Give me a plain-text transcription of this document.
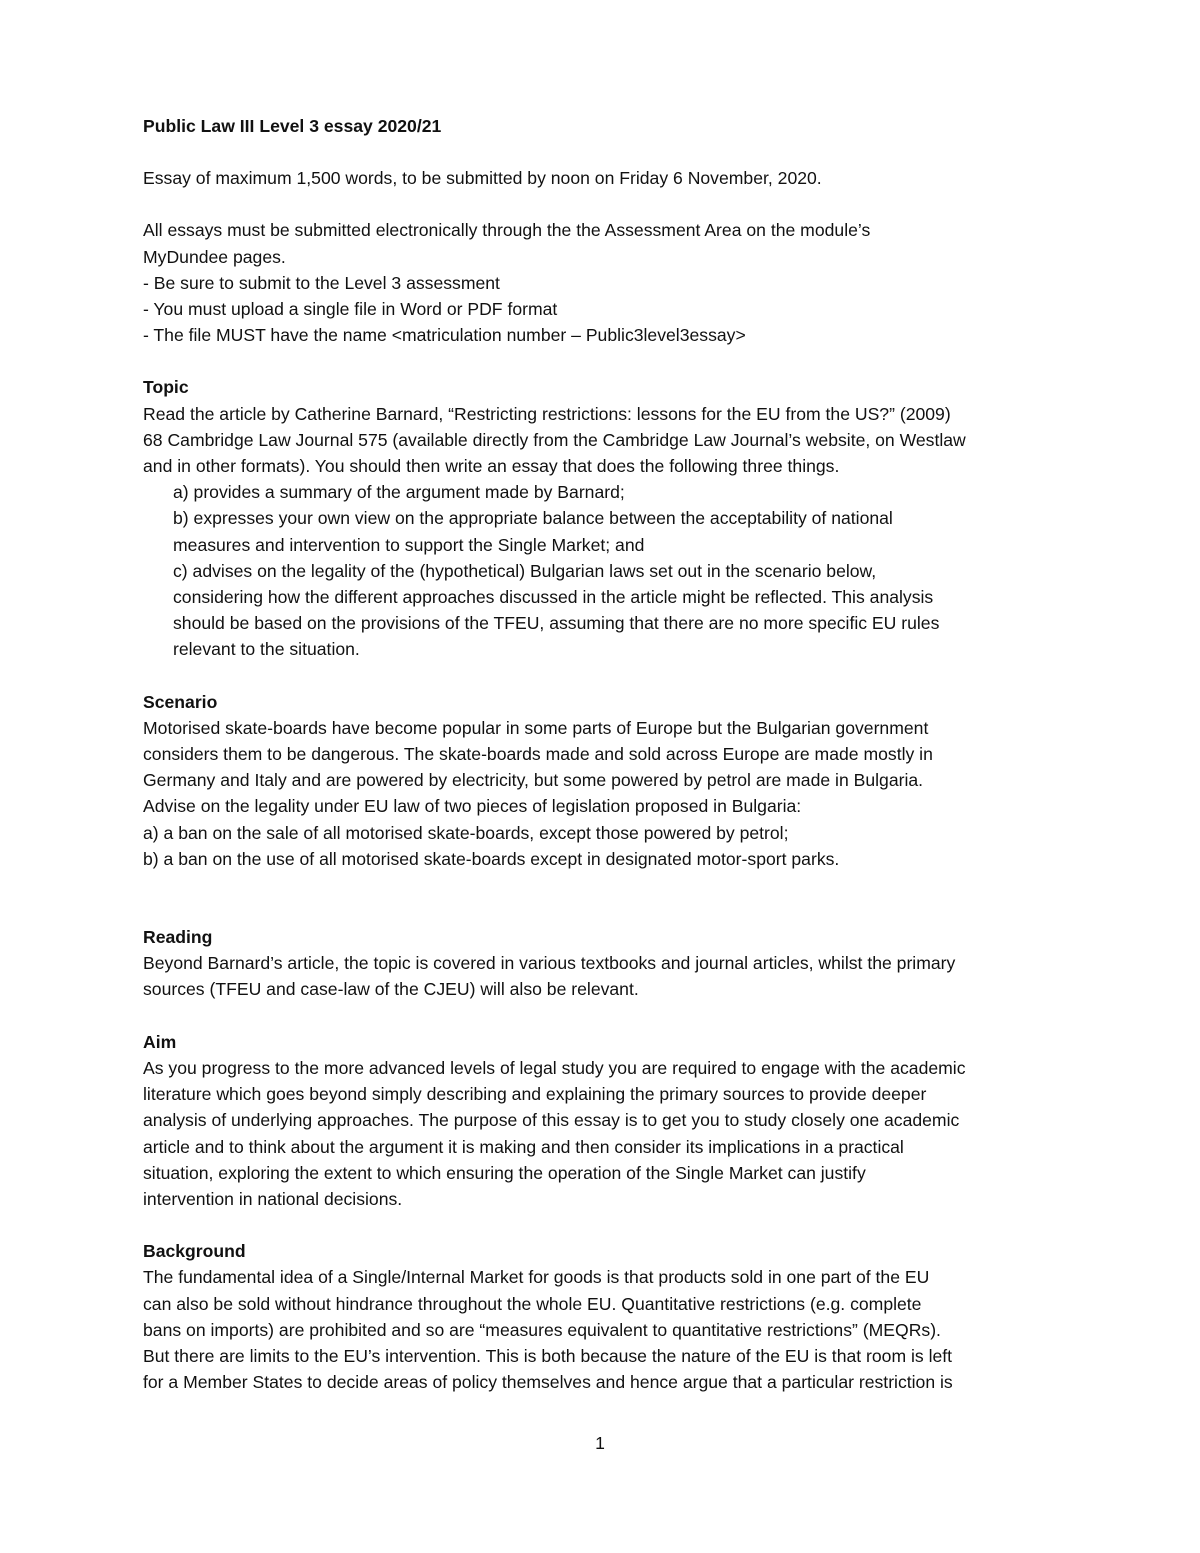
Public Law III Level 3 essay 2020/21

Essay of maximum 1,500 words, to be submitted by noon on Friday 6 November, 2020.

All essays must be submitted electronically through the the Assessment Area on the module’s
MyDundee pages.
- Be sure to submit to the Level 3 assessment
- You must upload a single file in Word or PDF format
- The file MUST have the name <matriculation number – Public3level3essay>
Topic
Read the article by Catherine Barnard, “Restricting restrictions: lessons for the EU from the US?” (2009)
68 Cambridge Law Journal 575 (available directly from the Cambridge Law Journal’s website, on Westlaw
and in other formats). You should then write an essay that does the following three things.
a) provides a summary of the argument made by Barnard;
b) expresses your own view on the appropriate balance between the acceptability of national
measures and intervention to support the Single Market; and
c) advises on the legality of the (hypothetical) Bulgarian laws set out in the scenario below,
considering how the different approaches discussed in the article might be reflected. This analysis
should be based on the provisions of the TFEU, assuming that there are no more specific EU rules
relevant to the situation.
Scenario
Motorised skate-boards have become popular in some parts of Europe but the Bulgarian government
considers them to be dangerous. The skate-boards made and sold across Europe are made mostly in
Germany and Italy and are powered by electricity, but some powered by petrol are made in Bulgaria.
Advise on the legality under EU law of two pieces of legislation proposed in Bulgaria:
a) a ban on the sale of all motorised skate-boards, except those powered by petrol;
b) a ban on the use of all motorised skate-boards except in designated motor-sport parks.
Reading
Beyond Barnard’s article, the topic is covered in various textbooks and journal articles, whilst the primary
sources (TFEU and case-law of the CJEU) will also be relevant.
Aim
As you progress to the more advanced levels of legal study you are required to engage with the academic
literature which goes beyond simply describing and explaining the primary sources to provide deeper
analysis of underlying approaches. The purpose of this essay is to get you to study closely one academic
article and to think about the argument it is making and then consider its implications in a practical
situation, exploring the extent to which ensuring the operation of the Single Market can justify
intervention in national decisions.
Background
The fundamental idea of a Single/Internal Market for goods is that products sold in one part of the EU
can also be sold without hindrance throughout the whole EU. Quantitative restrictions (e.g. complete
bans on imports) are prohibited and so are “measures equivalent to quantitative restrictions” (MEQRs).
But there are limits to the EU’s intervention. This is both because the nature of the EU is that room is left
for a Member States to decide areas of policy themselves and hence argue that a particular restriction is
1
